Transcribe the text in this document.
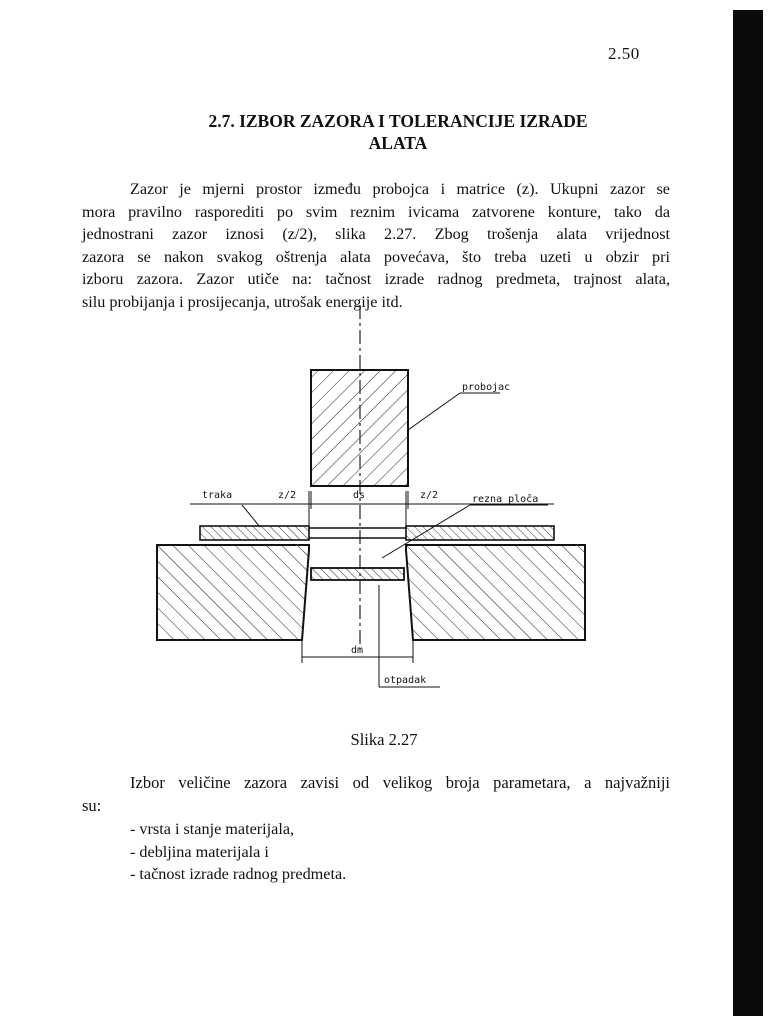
2.50
2.7. IZBOR ZAZORA I TOLERANCIJE IZRADE
ALATA
Zazor je mjerni prostor između probojca i matrice (z). Ukupni zazor se
mora pravilno rasporediti po svim reznim ivicama zatvorene konture, tako da
jednostrani zazor iznosi (z/2), slika 2.27. Zbog trošenja alata vrijednost
zazora se nakon svakog oštrenja alata povećava, što treba uzeti u obzir pri
izboru zazora. Zazor utiče na: tačnost izrade radnog predmeta, trajnost alata,
silu probijanja i prosijecanja, utrošak energije itd.
traka	z/2	ds	z/2
probojac
rezna ploča
dm
otpadak
Slika 2.27
Izbor veličine zazora zavisi od velikog broja parametara, a najvažniji
su:
- vrsta i stanje materijala,
- debljina materijala i
- tačnost izrade radnog predmeta.
